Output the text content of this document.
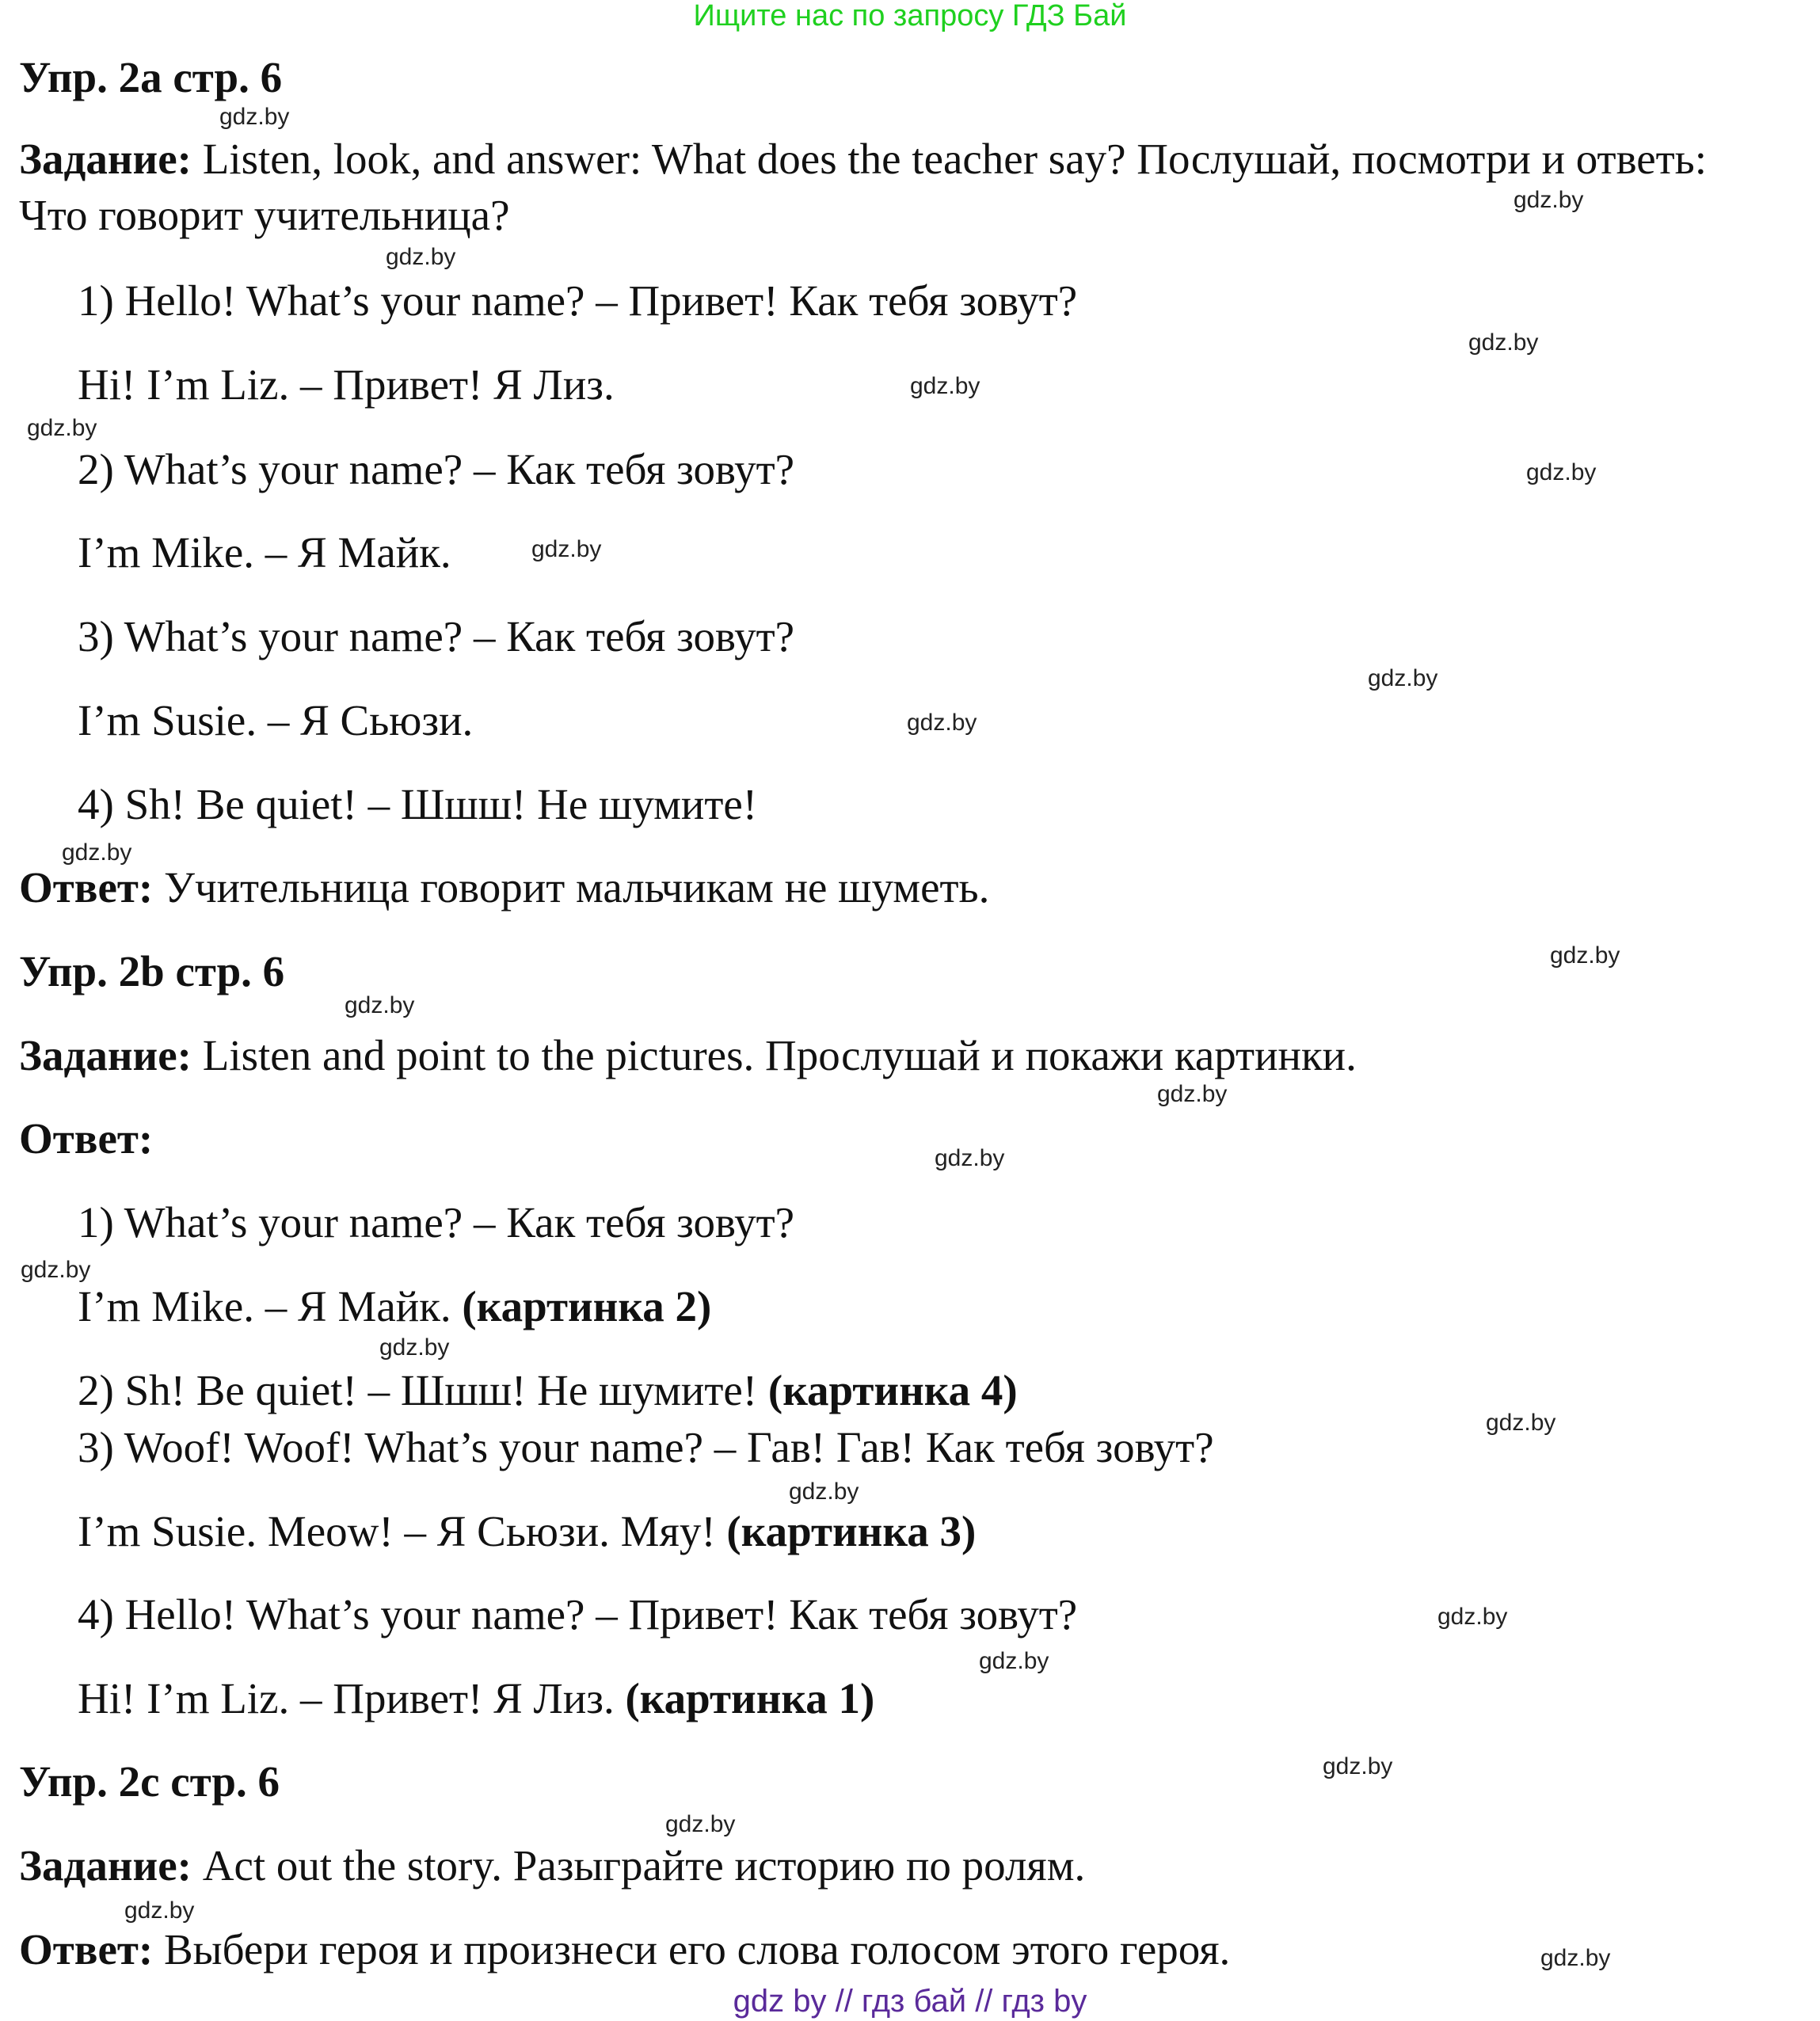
Ищите нас по запросу ГДЗ Бай
Упр. 2a стр. 6
Задание: Listen, look, and answer: What does the teacher say? Послушай, посмотри и ответь:
Что говорит учительница?
1) Hello! What’s your name? – Привет! Как тебя зовут?
Hi! I’m Liz. – Привет! Я Лиз.
2) What’s your name? – Как тебя зовут?
I’m Mike. – Я Майк.
3) What’s your name? – Как тебя зовут?
I’m Susie. – Я Сьюзи.
4) Sh! Be quiet! – Шшш! Не шумите!
Ответ: Учительница говорит мальчикам не шуметь.
Упр. 2b стр. 6
Задание: Listen and point to the pictures. Прослушай и покажи картинки.
Ответ:
1) What’s your name? – Как тебя зовут?
I’m Mike. – Я Майк. (картинка 2)
2) Sh! Be quiet! – Шшш! Не шумите! (картинка 4)
3) Woof! Woof! What’s your name? – Гав! Гав! Как тебя зовут?
I’m Susie. Meow! – Я Сьюзи. Мяу! (картинка 3)
4) Hello! What’s your name? – Привет! Как тебя зовут?
Hi! I’m Liz. – Привет! Я Лиз. (картинка 1)
Упр. 2c стр. 6
Задание: Act out the story. Разыграйте историю по ролям.
Ответ: Выбери героя и произнеси его слова голосом этого героя.
gdz.by
gdz.by
gdz.by
gdz.by
gdz.by
gdz.by
gdz.by
gdz.by
gdz.by
gdz.by
gdz.by
gdz.by
gdz.by
gdz.by
gdz.by
gdz.by
gdz.by
gdz.by
gdz.by
gdz.by
gdz.by
gdz.by
gdz.by
gdz.by
gdz.by
gdz by // гдз бай // гдз by
